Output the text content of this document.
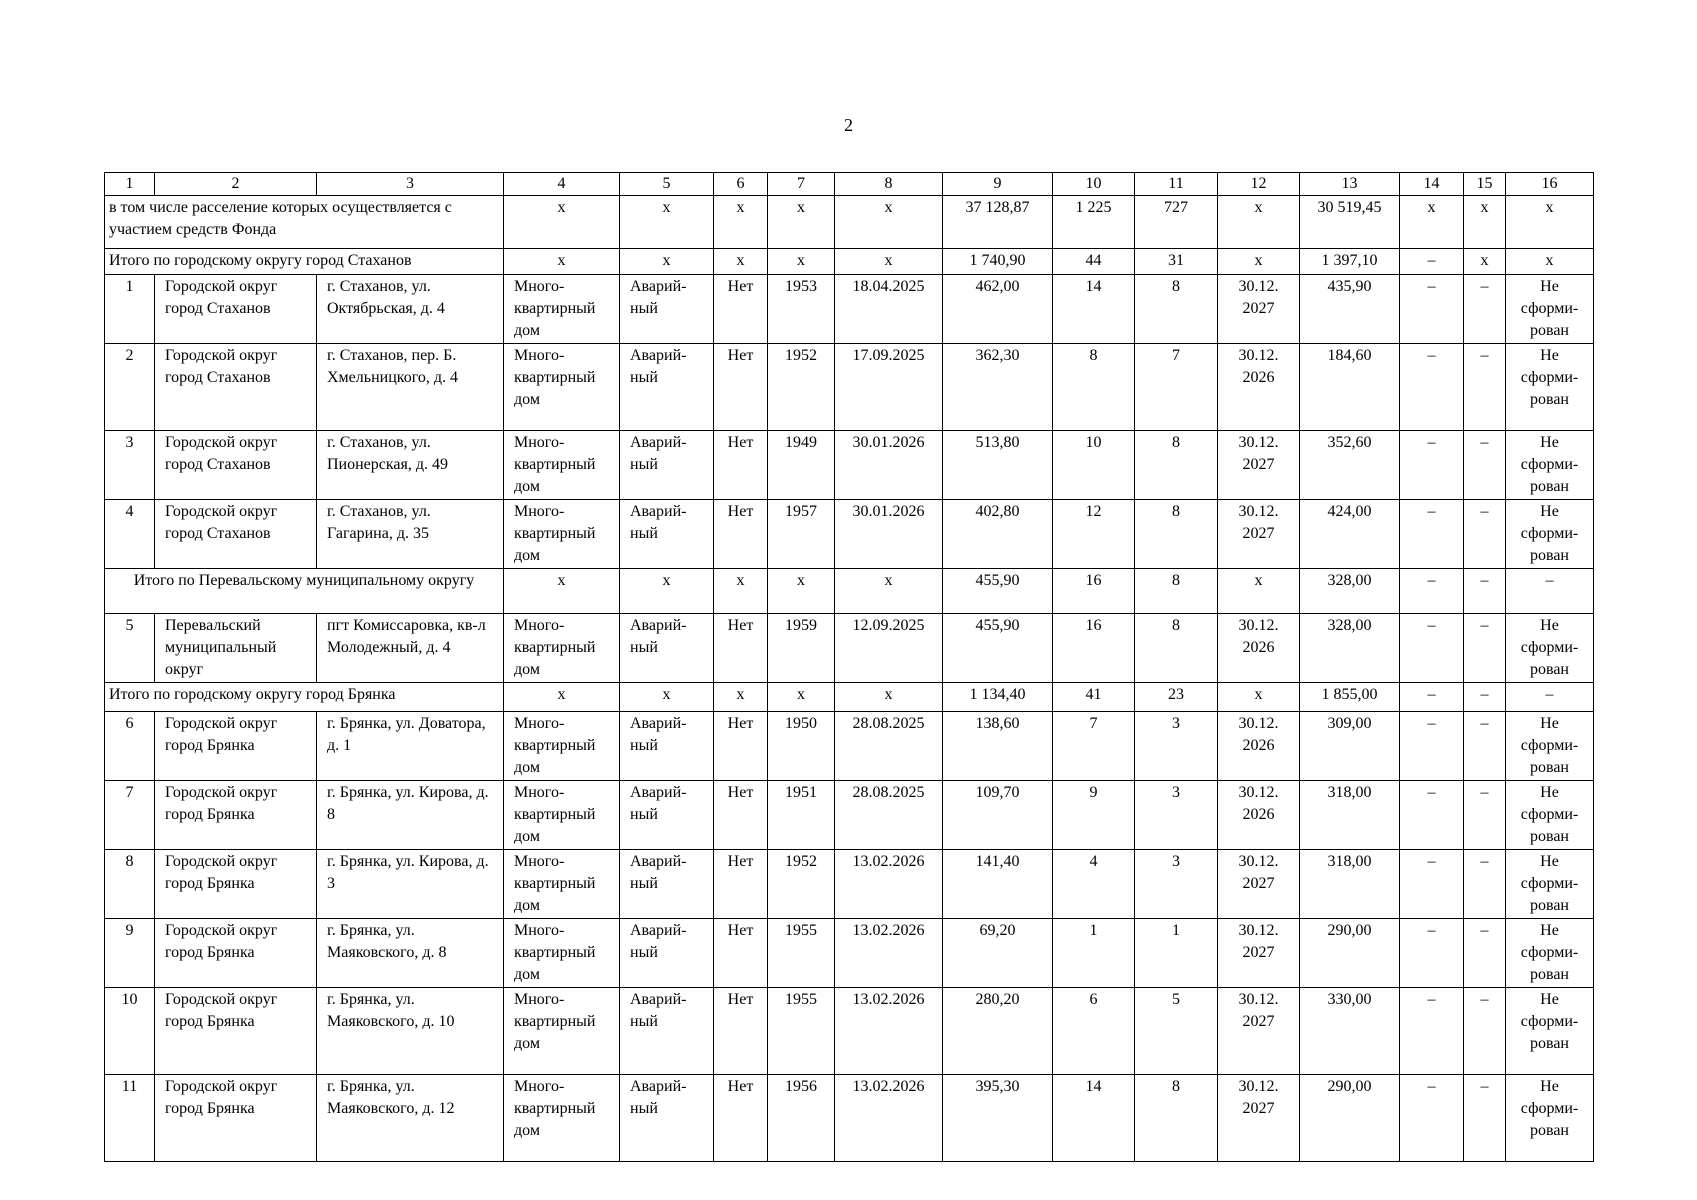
2
1	2	3	4	5	6	7	8	9	10	11	12	13	14	15	16
в том числе расселение которых осуществляется с участием средств Фонда			х	х	х	х	х	37 128,87	1 225	727	х	30 519,45	х	х	х
Итого по городскому округу город Стаханов			х	х	х	х	х	1 740,90	44	31	х	1 397,10	–	х	х
1	Городской округ город Стаханов	г. Стаханов, ул. Октябрьская, д. 4	Много-квартирный дом	Аварий-ный	Нет	1953	18.04.2025	462,00	14	8	30.12. 2027	435,90	–	–	Не сформи-рован
2	Городской округ город Стаханов	г. Стаханов, пер. Б. Хмельницкого, д. 4	Много-квартирный дом	Аварий-ный	Нет	1952	17.09.2025	362,30	8	7	30.12. 2026	184,60	–	–	Не сформи-рован
3	Городской округ город Стаханов	г. Стаханов, ул. Пионерская, д. 49	Много-квартирный дом	Аварий-ный	Нет	1949	30.01.2026	513,80	10	8	30.12. 2027	352,60	–	–	Не сформи-рован
4	Городской округ город Стаханов	г. Стаханов, ул. Гагарина, д. 35	Много-квартирный дом	Аварий-ный	Нет	1957	30.01.2026	402,80	12	8	30.12. 2027	424,00	–	–	Не сформи-рован
Итого по Перевальскому муниципальному округу			х	х	х	х	х	455,90	16	8	х	328,00	–	–	–
5	Перевальский муниципальный округ	пгт Комиссаровка, кв-л Молодежный, д. 4	Много-квартирный дом	Аварий-ный	Нет	1959	12.09.2025	455,90	16	8	30.12. 2026	328,00	–	–	Не сформи-рован
Итого по городскому округу город Брянка			х	х	х	х	х	1 134,40	41	23	х	1 855,00	–	–	–
6	Городской округ город Брянка	г. Брянка, ул. Доватора, д. 1	Много-квартирный дом	Аварий-ный	Нет	1950	28.08.2025	138,60	7	3	30.12. 2026	309,00	–	–	Не сформи-рован
7	Городской округ город Брянка	г. Брянка, ул. Кирова, д. 8	Много-квартирный дом	Аварий-ный	Нет	1951	28.08.2025	109,70	9	3	30.12. 2026	318,00	–	–	Не сформи-рован
8	Городской округ город Брянка	г. Брянка, ул. Кирова, д. 3	Много-квартирный дом	Аварий-ный	Нет	1952	13.02.2026	141,40	4	3	30.12. 2027	318,00	–	–	Не сформи-рован
9	Городской округ город Брянка	г. Брянка, ул. Маяковского, д. 8	Много-квартирный дом	Аварий-ный	Нет	1955	13.02.2026	69,20	1	1	30.12. 2027	290,00	–	–	Не сформи-рован
10	Городской округ город Брянка	г. Брянка, ул. Маяковского, д. 10	Много-квартирный дом	Аварий-ный	Нет	1955	13.02.2026	280,20	6	5	30.12. 2027	330,00	–	–	Не сформи-рован
11	Городской округ город Брянка	г. Брянка, ул. Маяковского, д. 12	Много-квартирный дом	Аварий-ный	Нет	1956	13.02.2026	395,30	14	8	30.12. 2027	290,00	–	–	Не сформи-рован
